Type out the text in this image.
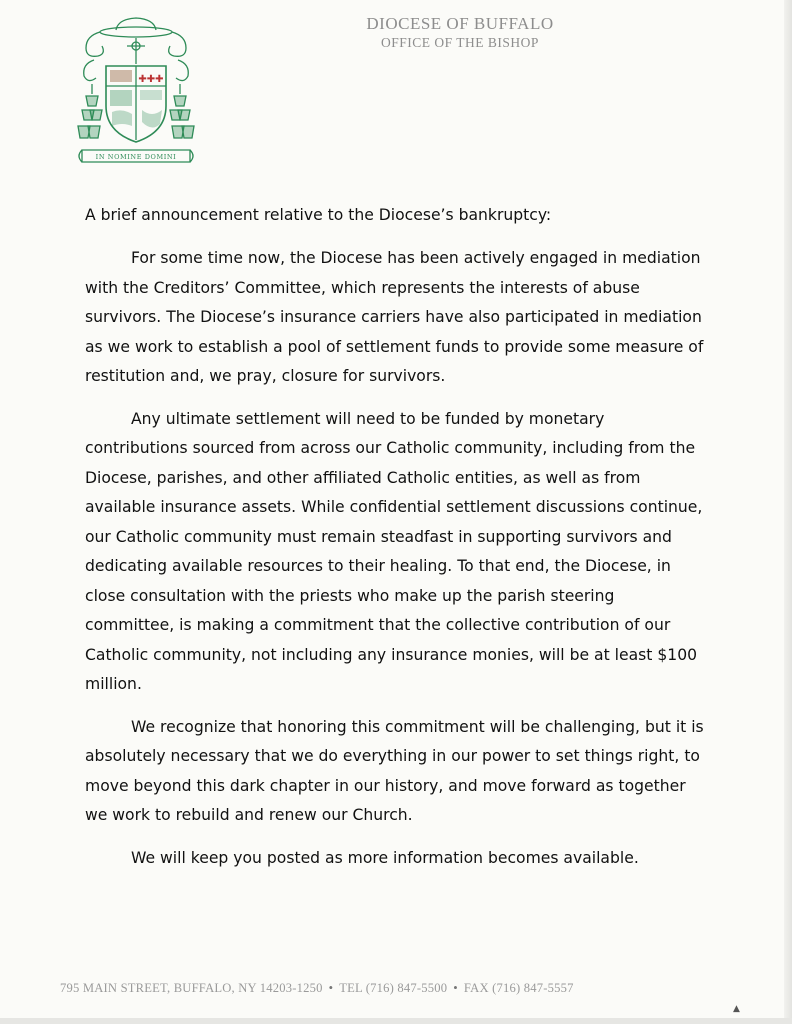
✚✚✚
IN NOMINE DOMINI
DIOCESE OF BUFFALO
OFFICE OF THE BISHOP

A brief announcement relative to the Diocese’s bankruptcy:

For some time now, the Diocese has been actively engaged in mediation with the Creditors’ Committee, which represents the interests of abuse survivors. The Diocese’s insurance carriers have also participated in mediation as we work to establish a pool of settlement funds to provide some measure of restitution and, we pray, closure for survivors.

Any ultimate settlement will need to be funded by monetary contributions sourced from across our Catholic community, including from the Diocese, parishes, and other affiliated Catholic entities, as well as from available insurance assets. While confidential settlement discussions continue, our Catholic community must remain steadfast in supporting survivors and dedicating available resources to their healing. To that end, the Diocese, in close consultation with the priests who make up the parish steering committee, is making a commitment that the collective contribution of our Catholic community, not including any insurance monies, will be at least $100 million.

We recognize that honoring this commitment will be challenging, but it is absolutely necessary that we do everything in our power to set things right, to move beyond this dark chapter in our history, and move forward as together we work to rebuild and renew our Church.

We will keep you posted as more information becomes available.

795 MAIN STREET, BUFFALO, NY 14203-1250 • TEL (716) 847-5500 • FAX (716) 847-5557
▲
